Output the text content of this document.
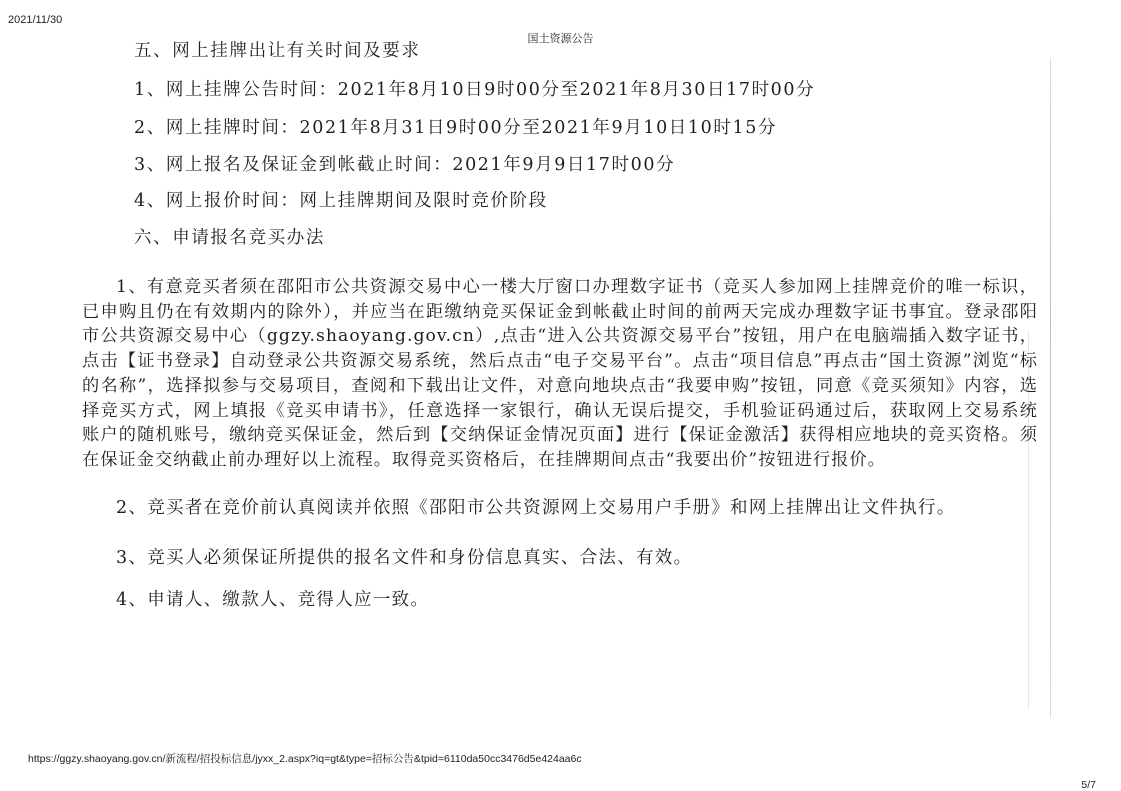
2021/11/30
国土资源公告
五、网上挂牌出让有关时间及要求
1、网上挂牌公告时间：2021年8月10日9时00分至2021年8月30日17时00分
2、网上挂牌时间：2021年8月31日9时00分至2021年9月10日10时15分
3、网上报名及保证金到帐截止时间：2021年9月9日17时00分
4、网上报价时间：网上挂牌期间及限时竞价阶段
六、申请报名竞买办法

1、有意竞买者须在邵阳市公共资源交易中心一楼大厅窗口办理数字证书（竞买人参加网上挂牌竞价的唯一标识，已申购且仍在有效期内的除外），并应当在距缴纳竞买保证金到帐截止时间的前两天完成办理数字证书事宜。登录邵阳市公共资源交易中心（ggzy.shaoyang.gov.cn）,点击“进入公共资源交易平台”按钮，用户在电脑端插入数字证书，点击【证书登录】自动登录公共资源交易系统，然后点击“电子交易平台”。点击“项目信息”再点击“国土资源”浏览“标的名称”，选择拟参与交易项目，查阅和下载出让文件，对意向地块点击“我要申购”按钮，同意《竞买须知》内容，选择竞买方式，网上填报《竞买申请书》，任意选择一家银行，确认无误后提交，手机验证码通过后，获取网上交易系统账户的随机账号，缴纳竞买保证金，然后到【交纳保证金情况页面】进行【保证金激活】获得相应地块的竞买资格。须在保证金交纳截止前办理好以上流程。取得竞买资格后，在挂牌期间点击“我要出价”按钮进行报价。

2、竞买者在竞价前认真阅读并依照《邵阳市公共资源网上交易用户手册》和网上挂牌出让文件执行。

3、竞买人必须保证所提供的报名文件和身份信息真实、合法、有效。

4、申请人、缴款人、竞得人应一致。

https://ggzy.shaoyang.gov.cn/新流程/招投标信息/jyxx_2.aspx?iq=gt&type=招标公告&tpid=6110da50cc3476d5e424aa6c
5/7
